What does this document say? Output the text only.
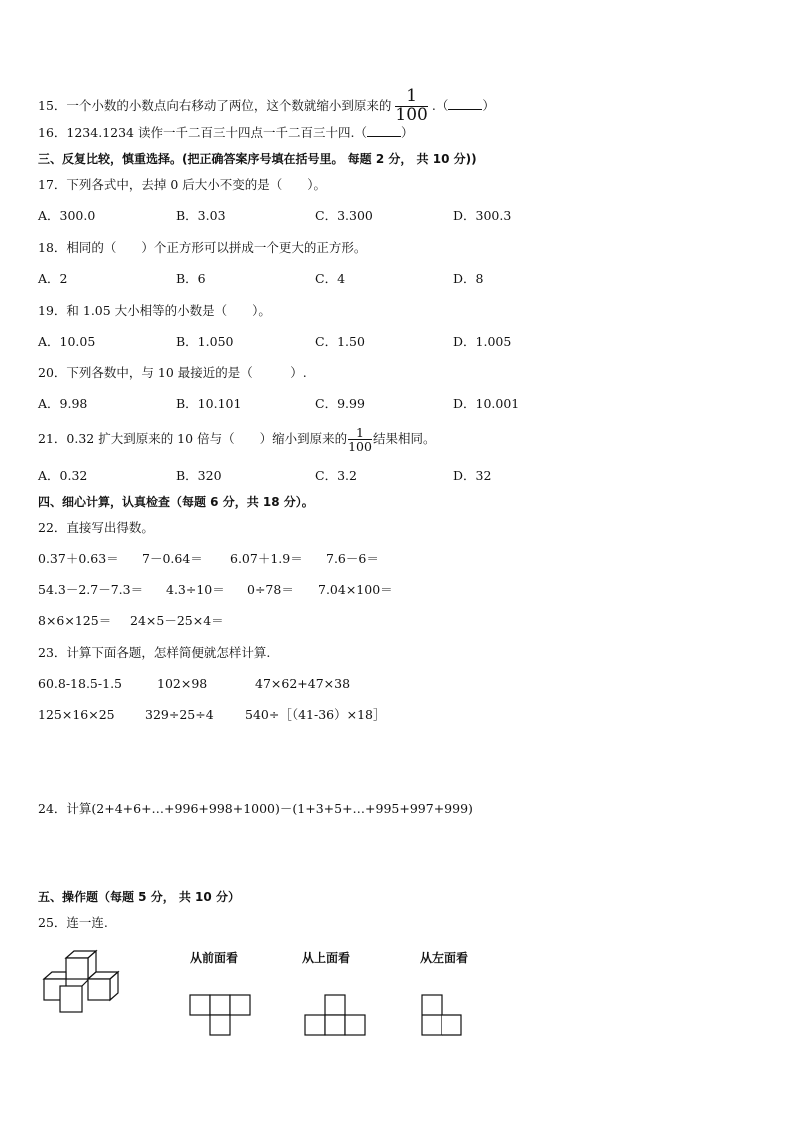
15．一个小数的小数点向右移动了两位，这个数就缩小到原来的 $\frac{1}{100}$ .（	）
16．1234.1234 读作一千二百三十四点一千二百三十四.（	）
三、反复比较，慎重选择。(把正确答案序号填在括号里。 每题 2 分， 共 10 分))
17．下列各式中，去掉 0 后大小不变的是（　　）。
A．300.0	B．3.03	C．3.300	D．300.3
18．相同的（　　）个正方形可以拼成一个更大的正方形。
A．2	B．6	C．4	D．8
19．和 1.05 大小相等的小数是（　　）。
A．10.05	B．1.050	C．1.50	D．1.005
20．下列各数中，与 10 最接近的是（　　　）.
A．9.98	B．10.101	C．9.99	D．10.001
21．0.32 扩大到原来的 10 倍与（　　）缩小到原来的 $\frac{1}{100}$ 结果相同。
A．0.32	B．320	C．3.2	D．32
四、细心计算，认真检查（每题 6 分，共 18 分）。
22．直接写出得数。
0.37＋0.63＝ 7－0.64＝ 6.07＋1.9＝ 7.6－6＝
54.3－2.7－7.3＝ 4.3÷10＝ 0÷78＝ 7.04×100＝
8×6×125＝ 24×5－25×4＝
23．计算下面各题，怎样简便就怎样计算.
60.8-18.5-1.5	102×98	47×62+47×38
125×16×25 329÷25÷4	540÷［（41-36）×18］
24．计算(2+4+6+…+996+998+1000)－(1+3+5+…+995+997+999)
五、操作题（每题 5 分， 共 10 分）
25．连一连.
从前面看	从上面看	从左面看
